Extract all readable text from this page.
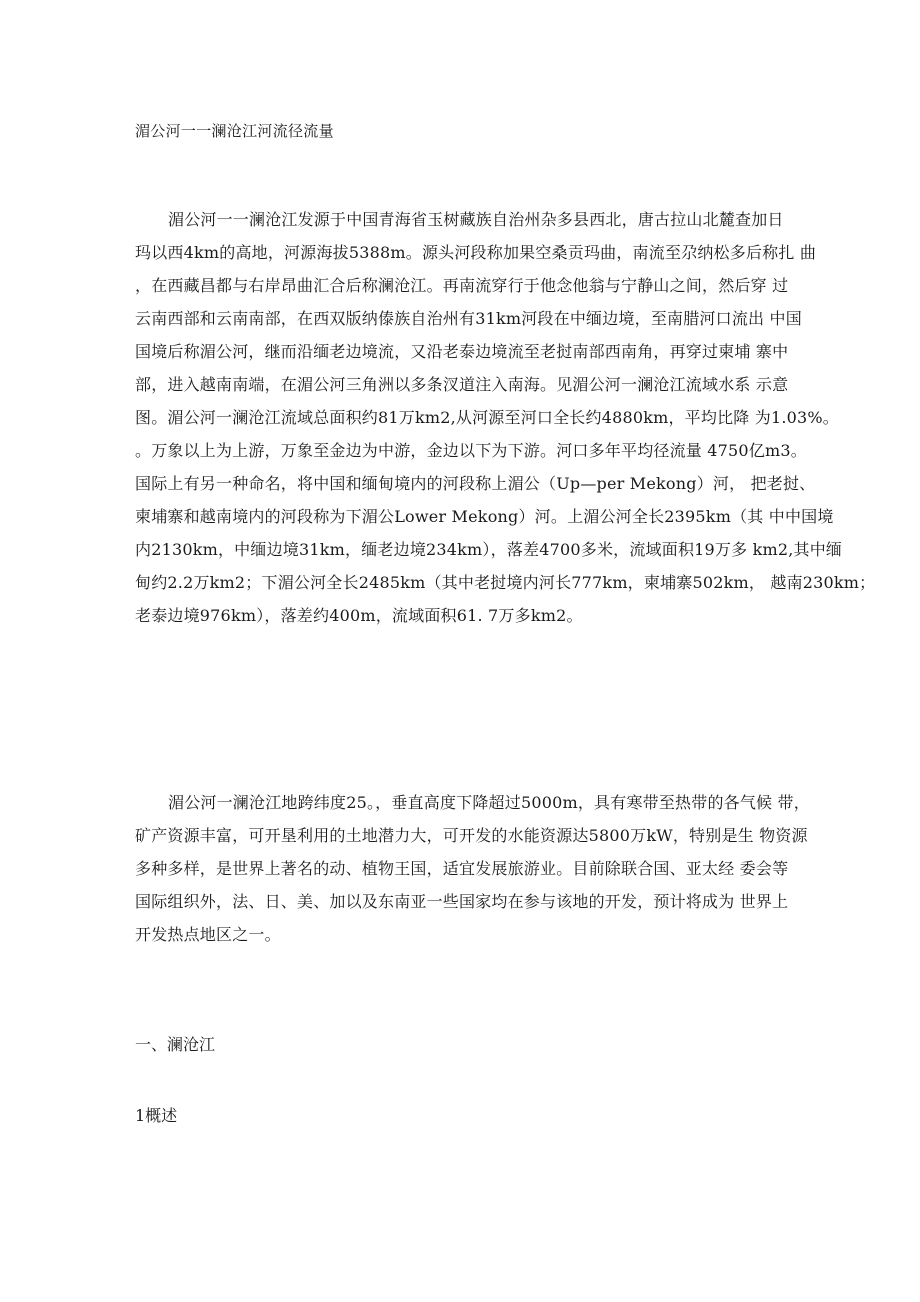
湄公河一一澜沧江河流径流量
湄公河一一澜沧江发源于中国青海省玉树藏族自治州杂多县西北，唐古拉山北麓查加日
玛以西4km的高地，河源海拔5388m。源头河段称加果空桑贡玛曲，南流至尕纳松多后称扎 曲
，在西藏昌都与右岸昂曲汇合后称澜沧江。再南流穿行于他念他翁与宁静山之间，然后穿 过
云南西部和云南南部，在西双版纳傣族自治州有31km河段在中缅边境，至南腊河口流出 中国
国境后称湄公河，继而沿缅老边境流，又沿老泰边境流至老挝南部西南角，再穿过柬埔 寨中
部，进入越南南端，在湄公河三角洲以多条汊道注入南海。见湄公河一澜沧江流域水系 示意
图。湄公河一澜沧江流域总面积约81万km2,从河源至河口全长约4880km，平均比降 为1.03%。
。万象以上为上游，万象至金边为中游，金边以下为下游。河口多年平均径流量 4750亿m3。
国际上有另一种命名，将中国和缅甸境内的河段称上湄公（Up—per Mekong）河， 把老挝、
柬埔寨和越南境内的河段称为下湄公Lower Mekong）河。上湄公河全长2395km（其 中中国境
内2130km，中缅边境31km，缅老边境234km），落差4700多米，流域面积19万多 km2,其中缅
甸约2.2万km2；下湄公河全长2485km（其中老挝境内河长777km，柬埔寨502km， 越南230km；
老泰边境976km），落差约400m，流域面积61. 7万多km2。
湄公河一澜沧江地跨纬度25。，垂直高度下降超过5000m，具有寒带至热带的各气候 带，
矿产资源丰富，可开垦利用的土地潜力大，可开发的水能资源达5800万kW，特别是生 物资源
多种多样，是世界上著名的动、植物王国，适宜发展旅游业。目前除联合国、亚太经 委会等
国际组织外，法、日、美、加以及东南亚一些国家均在参与该地的开发，预计将成为 世界上
开发热点地区之一。
一、澜沧江
1概述
